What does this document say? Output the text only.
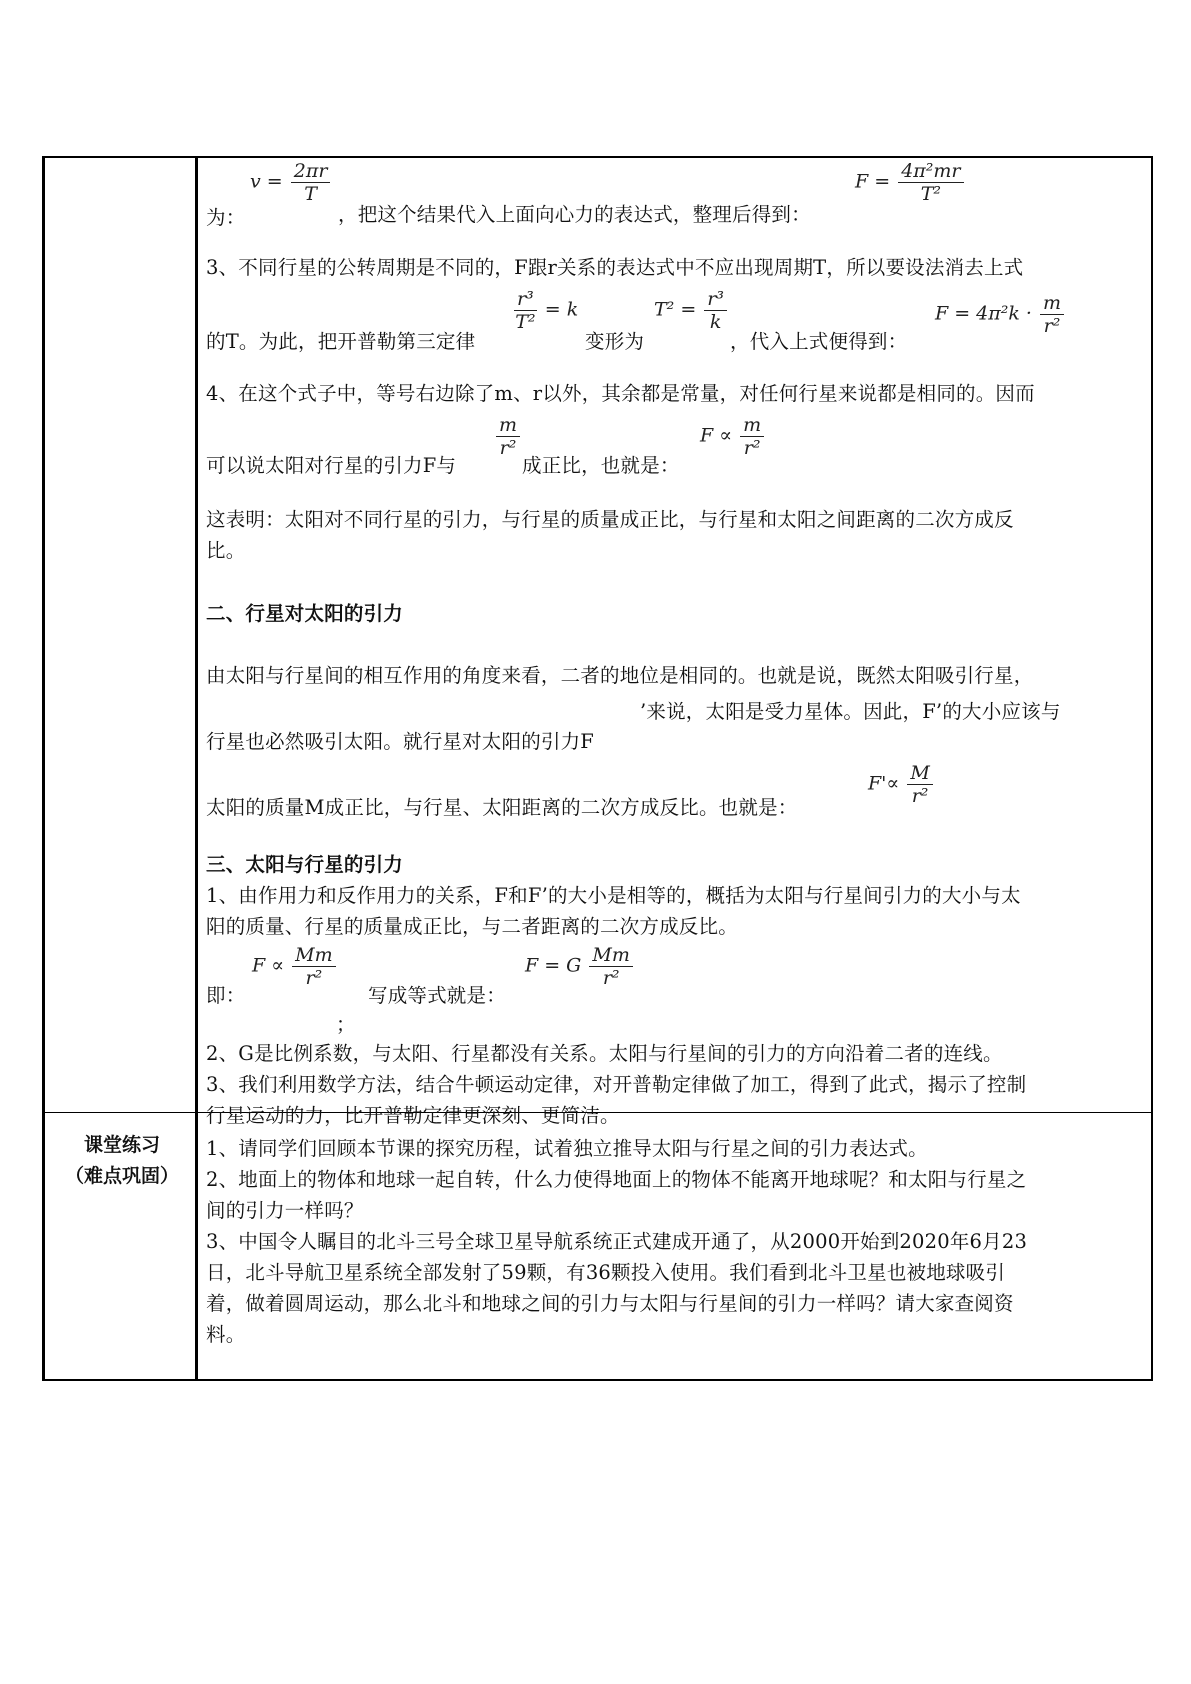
课堂练习
（难点巩固）
$v = \frac{2\pi r}{T}$
为：	，把这个结果代入上面向心力的表达式，整理后得到：
$F = \frac{\text{4π²mr}}{\text{T²}}$
3、不同行星的公转周期是不同的，F跟r关系的表达式中不应出现周期T，所以要设法消去上式
$\frac{\text{r³}}{\text{T²}} = k$
的T。为此，把开普勒第三定律	变形为
$T^2 = \frac{\text{r³}}{k}$
，代入上式便得到：
$F = 4\pi^2k \cdot \frac{m}{\text{r²}}$
4、在这个式子中，等号右边除了m、r以外，其余都是常量，对任何行星来说都是相同的。因而
可以说太阳对行星的引力F与
$\frac{m}{\text{r²}}$
成正比，也就是：
$F \propto \frac{m}{\text{r²}}$
这表明：太阳对不同行星的引力，与行星的质量成正比，与行星和太阳之间距离的二次方成反
比。
二、行星对太阳的引力
由太阳与行星间的相互作用的角度来看，二者的地位是相同的。也就是说，既然太阳吸引行星，
’来说，太阳是受力星体。因此，F’的大小应该与
行星也必然吸引太阳。就行星对太阳的引力F
$F'\propto \frac{M}{\text{r²}}$
太阳的质量M成正比，与行星、太阳距离的二次方成反比。也就是：
三、太阳与行星的引力
1、由作用力和反作用力的关系，F和F’的大小是相等的，概括为太阳与行星间引力的大小与太
阳的质量、行星的质量成正比，与二者距离的二次方成反比。
$F \propto \frac{Mm}{\text{r²}}$
即：	写成等式就是：
F = G $\frac{Mm}{\text{r²}}$
；
2、G是比例系数，与太阳、行星都没有关系。太阳与行星间的引力的方向沿着二者的连线。
3、我们利用数学方法，结合牛顿运动定律，对开普勒定律做了加工，得到了此式，揭示了控制
行星运动的力，比开普勒定律更深刻、更简洁。
1、请同学们回顾本节课的探究历程，试着独立推导太阳与行星之间的引力表达式。
2、地面上的物体和地球一起自转，什么力使得地面上的物体不能离开地球呢？和太阳与行星之
间的引力一样吗？
3、中国令人瞩目的北斗三号全球卫星导航系统正式建成开通了，从2000开始到2020年6月23
日，北斗导航卫星系统全部发射了59颗，有36颗投入使用。我们看到北斗卫星也被地球吸引
着，做着圆周运动，那么北斗和地球之间的引力与太阳与行星间的引力一样吗？请大家查阅资
料。
